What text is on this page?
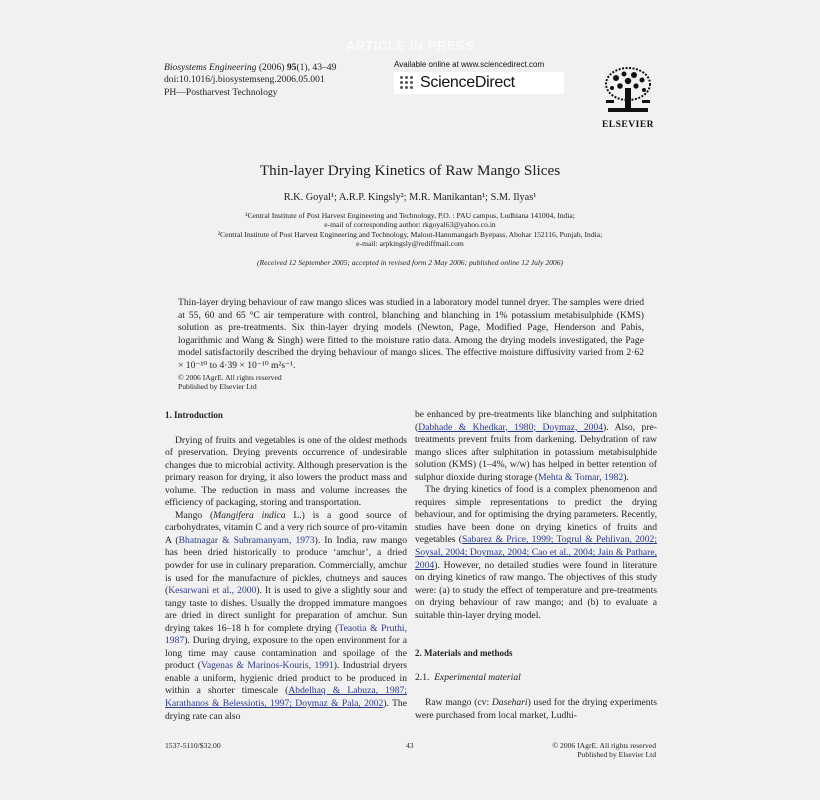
ARTICLE IN PRESS
Biosystems Engineering (2006) 95(1), 43–49
doi:10.1016/j.biosystemseng.2006.05.001
PH—Postharvest Technology
Available online at www.sciencedirect.com
ScienceDirect
ELSEVIER
Thin-layer Drying Kinetics of Raw Mango Slices
R.K. Goyal¹; A.R.P. Kingsly²; M.R. Manikantan¹; S.M. Ilyas¹
¹Central Institute of Post Harvest Engineering and Technology, P.O. : PAU campus, Ludhiana 141004, India;
e-mail of corresponding author: rkgoyal63@yahoo.co.in
²Central Institute of Post Harvest Engineering and Technology, Malout-Hanumangarh Byepass, Abohar 152116, Punjab, India;
e-mail: arpkingsly@rediffmail.com
(Received 12 September 2005; accepted in revised form 2 May 2006; published online 12 July 2006)
Thin-layer drying behaviour of raw mango slices was studied in a laboratory model tunnel dryer. The samples were dried at 55, 60 and 65 °C air temperature with control, blanching and blanching in 1% potassium metabisulphide (KMS) solution as pre-treatments. Six thin-layer drying models (Newton, Page, Modified Page, Henderson and Pabis, logarithmic and Wang & Singh) were fitted to the moisture ratio data. Among the drying models investigated, the Page model satisfactorily described the drying behaviour of mango slices. The effective moisture diffusivity varied from 2·62 × 10⁻¹⁰ to 4·39 × 10⁻¹⁰ m²s⁻¹.
© 2006 IAgrE. All rights reserved
Published by Elsevier Ltd

1. Introduction

Drying of fruits and vegetables is one of the oldest methods of preservation. Drying prevents occurrence of undesirable changes due to microbial activity. Although preservation is the primary reason for drying, it also lowers the product mass and volume. The reduction in mass and volume increases the efficiency of packaging, storing and transportation.

Mango (Mangifera indica L.) is a good source of carbohydrates, vitamin C and a very rich source of pro-vitamin A (Bhatnagar & Subramanyam, 1973). In India, raw mango has been dried historically to produce ‘amchur’, a dried powder for use in culinary preparation. Commercially, amchur is used for the manufacture of pickles, chutneys and sauces (Kesarwani et al., 2000). It is used to give a slightly sour and tangy taste to dishes. Usually the dropped immature mangoes are dried in direct sunlight for preparation of amchur. Sun drying takes 16–18 h for complete drying (Teaotia & Pruthi, 1987). During drying, exposure to the open environment for a long time may cause contamination and spoilage of the product (Vagenas & Marinos-Kouris, 1991). Industrial dryers enable a uniform, hygienic dried product to be produced in within a shorter timescale (Abdelhaq & Labuza, 1987; Karathanos & Belessiotis, 1997; Doymaz & Pala, 2002). The drying rate can also

be enhanced by pre-treatments like blanching and sulphitation (Dabhade & Khedkar, 1980; Doymaz, 2004). Also, pre-treatments prevent fruits from darkening. Dehydration of raw mango slices after sulphitation in potassium metabisulphide solution (KMS) (1–4%, w/w) has helped in better retention of sulphur dioxide during storage (Mehta & Tomar, 1982).

The drying kinetics of food is a complex phenomenon and requires simple representations to predict the drying behaviour, and for optimising the drying parameters. Recently, studies have been done on drying kinetics of fruits and vegetables (Sabarez & Price, 1999; Togrul & Pehlivan, 2002; Soysal, 2004; Doymaz, 2004; Cao et al., 2004; Jain & Pathare, 2004). However, no detailed studies were found in literature on drying kinetics of raw mango. The objectives of this study were: (a) to study the effect of temperature and pre-treatments on drying behaviour of raw mango; and (b) to evaluate a suitable thin-layer drying model.

2. Materials and methods

2.1. Experimental material

Raw mango (cv: Dasehari) used for the drying experiments were purchased from local market, Ludhi-

1537-5110/$32.00	43	© 2006 IAgrE. All rights reserved
Published by Elsevier Ltd
